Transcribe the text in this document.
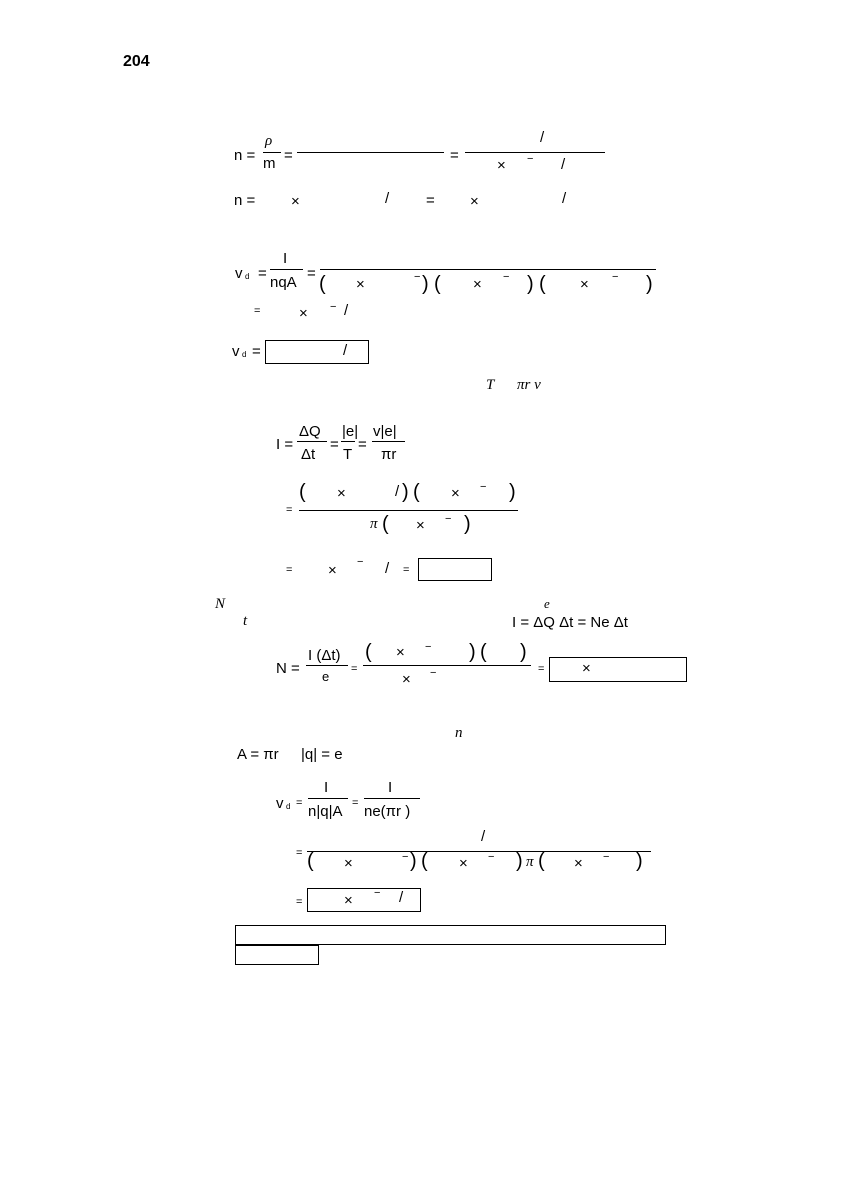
204
n =
ρ
m =	=
/
× − /
n = ×	/ = ×	/
v d =
I
nqA
= ( ×	− ) ( × − ) ( × − )
=	× − /
v d =	/
T πr v
I =
ΔQ
Δt
=
|e|
T
=
v|e|
πr
=
( ×	/ ) ( × − )
π ( × − )
= × − / =
N	e
t	I = ΔQ Δt = Ne Δt
N =
I (Δt)
e =
( × − ) ( )
× −	=	×
n
A = πr |q| = e
v d =
I
n|q|A =
I
ne(πr )
=
/
( ×	− ) ( × − ) π ( × − )
=	× − /
